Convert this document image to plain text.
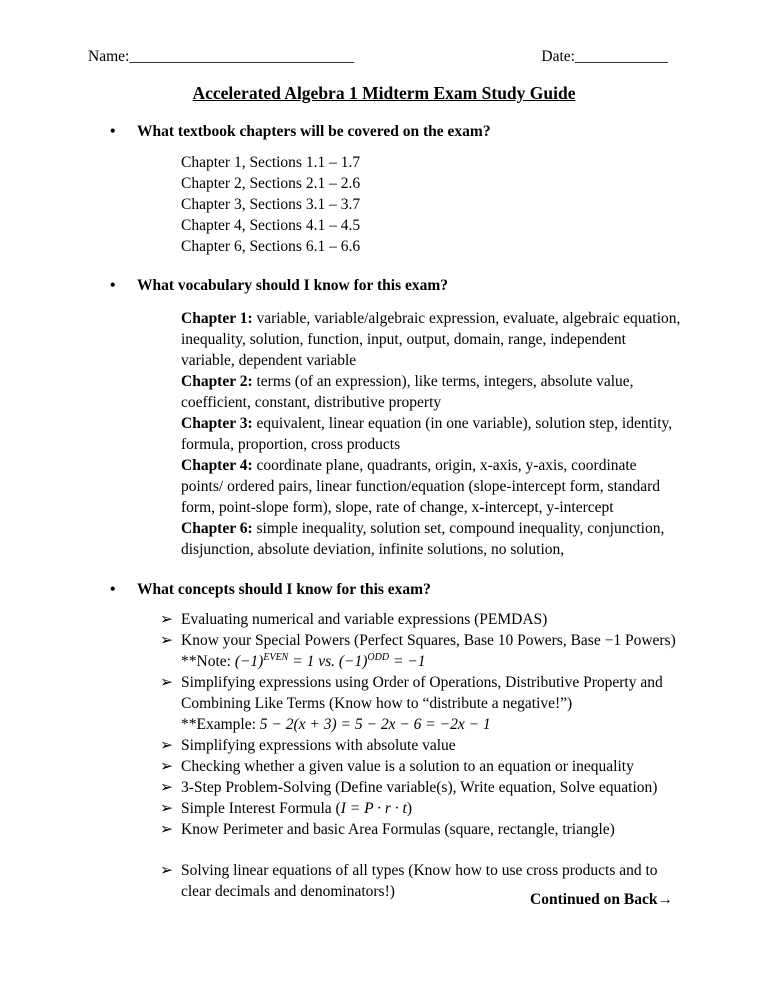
Name:_____________________________	Date:____________
Accelerated Algebra 1 Midterm Exam Study Guide
• What textbook chapters will be covered on the exam?
Chapter 1, Sections 1.1 – 1.7
Chapter 2, Sections 2.1 – 2.6
Chapter 3, Sections 3.1 – 3.7
Chapter 4, Sections 4.1 – 4.5
Chapter 6, Sections 6.1 – 6.6
• What vocabulary should I know for this exam?

Chapter 1: variable, variable/algebraic expression, evaluate, algebraic equation, inequality, solution, function, input, output, domain, range, independent variable, dependent variable

Chapter 2: terms (of an expression), like terms, integers, absolute value, coefficient, constant, distributive property

Chapter 3: equivalent, linear equation (in one variable), solution step, identity, formula, proportion, cross products

Chapter 4: coordinate plane, quadrants, origin, x-axis, y-axis, coordinate points/ ordered pairs, linear function/equation (slope-intercept form, standard form, point-slope form), slope, rate of change, x-intercept, y-intercept

Chapter 6: simple inequality, solution set, compound inequality, conjunction, disjunction, absolute deviation, infinite solutions, no solution,

• What concepts should I know for this exam?
➢ Evaluating numerical and variable expressions (PEMDAS)
➢ Know your Special Powers (Perfect Squares, Base 10 Powers, Base −1 Powers)
**Note: $(-1)^{EVEN} = 1$ vs. $(-1)^{ODD} = -1$
➢ Simplifying expressions using Order of Operations, Distributive Property and Combining Like Terms (Know how to “distribute a negative!”)
**Example: 5 − 2(x + 3) = 5 − 2x − 6 = −2x − 1
➢ Simplifying expressions with absolute value
➢ Checking whether a given value is a solution to an equation or inequality
➢ 3-Step Problem-Solving (Define variable(s), Write equation, Solve equation)
➢ Simple Interest Formula (I = P · r · t)
➢ Know Perimeter and basic Area Formulas (square, rectangle, triangle)
➢ Solving linear equations of all types (Know how to use cross products and to clear decimals and denominators!)	Continued on Back→
